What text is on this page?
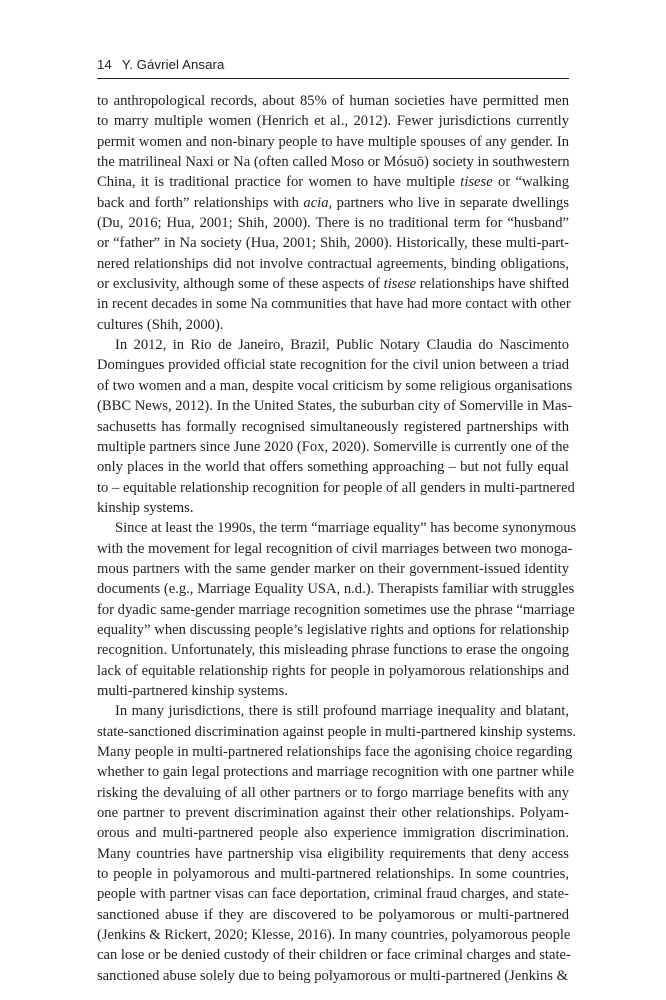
14 Y. Gávriel Ansara
to anthropological records, about 85% of human societies have permitted men
to marry multiple women (Henrich et al., 2012). Fewer jurisdictions currently
permit women and non-binary people to have multiple spouses of any gender. In
the matrilineal Naxi or Na (often called Moso or Mósuō) society in southwestern
China, it is traditional practice for women to have multiple tisese or “walking
back and forth” relationships with acia, partners who live in separate dwellings
(Du, 2016; Hua, 2001; Shih, 2000). There is no traditional term for “husband”
or “father” in Na society (Hua, 2001; Shih, 2000). Historically, these multi-part-
nered relationships did not involve contractual agreements, binding obligations,
or exclusivity, although some of these aspects of tisese relationships have shifted
in recent decades in some Na communities that have had more contact with other
cultures (Shih, 2000).
In 2012, in Rio de Janeiro, Brazil, Public Notary Claudia do Nascimento
Domingues provided official state recognition for the civil union between a triad
of two women and a man, despite vocal criticism by some religious organisations
(BBC News, 2012). In the United States, the suburban city of Somerville in Mas-
sachusetts has formally recognised simultaneously registered partnerships with
multiple partners since June 2020 (Fox, 2020). Somerville is currently one of the
only places in the world that offers something approaching – but not fully equal
to – equitable relationship recognition for people of all genders in multi-partnered
kinship systems.
Since at least the 1990s, the term “marriage equality” has become synonymous
with the movement for legal recognition of civil marriages between two monoga-
mous partners with the same gender marker on their government-issued identity
documents (e.g., Marriage Equality USA, n.d.). Therapists familiar with struggles
for dyadic same-gender marriage recognition sometimes use the phrase “marriage
equality” when discussing people’s legislative rights and options for relationship
recognition. Unfortunately, this misleading phrase functions to erase the ongoing
lack of equitable relationship rights for people in polyamorous relationships and
multi-partnered kinship systems.
In many jurisdictions, there is still profound marriage inequality and blatant,
state-sanctioned discrimination against people in multi-partnered kinship systems.
Many people in multi-partnered relationships face the agonising choice regarding
whether to gain legal protections and marriage recognition with one partner while
risking the devaluing of all other partners or to forgo marriage benefits with any
one partner to prevent discrimination against their other relationships. Polyam-
orous and multi-partnered people also experience immigration discrimination.
Many countries have partnership visa eligibility requirements that deny access
to people in polyamorous and multi-partnered relationships. In some countries,
people with partner visas can face deportation, criminal fraud charges, and state-
sanctioned abuse if they are discovered to be polyamorous or multi-partnered
(Jenkins & Rickert, 2020; Klesse, 2016). In many countries, polyamorous people
can lose or be denied custody of their children or face criminal charges and state-
sanctioned abuse solely due to being polyamorous or multi-partnered (Jenkins &
